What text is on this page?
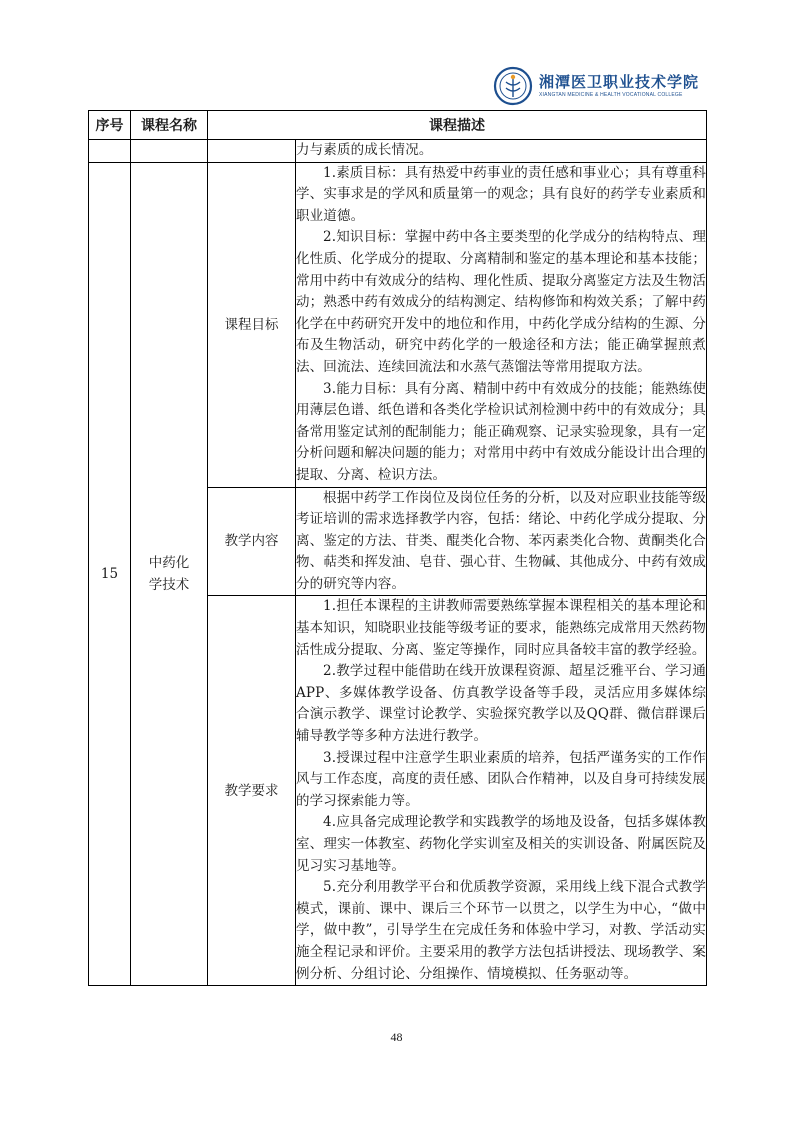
湘潭医卫职业技术学院
XIANGTAN MEDICINE & HEALTH VOCATIONAL COLLEGE
序号	课程名称	课程描述	

			力与素质的成长情况。

15	中药化学技术	课程目标	1.素质目标：具有热爱中药事业的责任感和事业心；具有尊重科学、实事求是的学风和质量第一的观念；具有良好的药学专业素质和职业道德。

2.知识目标：掌握中药中各主要类型的化学成分的结构特点、理化性质、化学成分的提取、分离精制和鉴定的基本理论和基本技能；常用中药中有效成分的结构、理化性质、提取分离鉴定方法及生物活动；熟悉中药有效成分的结构测定、结构修饰和构效关系；了解中药化学在中药研究开发中的地位和作用，中药化学成分结构的生源、分布及生物活动，研究中药化学的一般途径和方法；能正确掌握煎煮法、回流法、连续回流法和水蒸气蒸馏法等常用提取方法。

3.能力目标：具有分离、精制中药中有效成分的技能；能熟练使用薄层色谱、纸色谱和各类化学检识试剂检测中药中的有效成分；具备常用鉴定试剂的配制能力；能正确观察、记录实验现象，具有一定分析问题和解决问题的能力；对常用中药中有效成分能设计出合理的提取、分离、检识方法。

		教学内容	根据中药学工作岗位及岗位任务的分析，以及对应职业技能等级考证培训的需求选择教学内容，包括：绪论、中药化学成分提取、分离、鉴定的方法、苷类、醌类化合物、苯丙素类化合物、黄酮类化合物、萜类和挥发油、皂苷、强心苷、生物碱、其他成分、中药有效成分的研究等内容。

		教学要求	1.担任本课程的主讲教师需要熟练掌握本课程相关的基本理论和基本知识，知晓职业技能等级考证的要求，能熟练完成常用天然药物活性成分提取、分离、鉴定等操作，同时应具备较丰富的教学经验。

2.教学过程中能借助在线开放课程资源、超星泛雅平台、学习通APP、多媒体教学设备、仿真教学设备等手段，灵活应用多媒体综合演示教学、课堂讨论教学、实验探究教学以及QQ群、微信群课后辅导教学等多种方法进行教学。

3.授课过程中注意学生职业素质的培养，包括严谨务实的工作作风与工作态度，高度的责任感、团队合作精神，以及自身可持续发展的学习探索能力等。

4.应具备完成理论教学和实践教学的场地及设备，包括多媒体教室、理实一体教室、药物化学实训室及相关的实训设备、附属医院及见习实习基地等。

5.充分利用教学平台和优质教学资源，采用线上线下混合式教学模式，课前、课中、课后三个环节一以贯之，以学生为中心，“做中学，做中教”，引导学生在完成任务和体验中学习，对教、学活动实施全程记录和评价。主要采用的教学方法包括讲授法、现场教学、案例分析、分组讨论、分组操作、情境模拟、任务驱动等。

48
